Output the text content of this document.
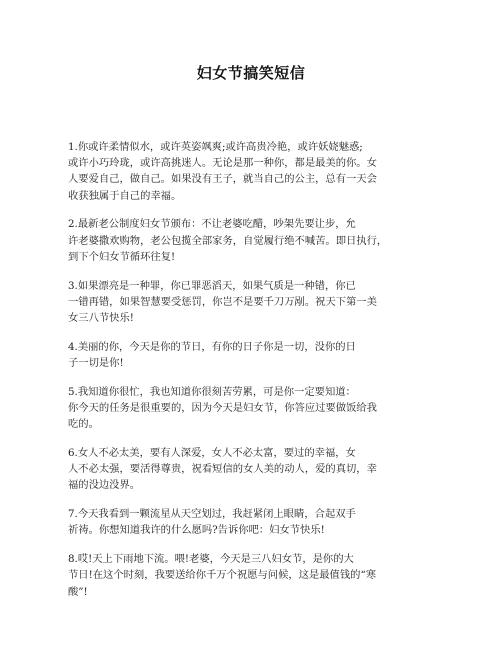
妇女节搞笑短信

1.你或许柔情似水，或许英姿飒爽;或许高贵冷艳，或许妖娆魅惑;
或许小巧玲珑，或许高挑迷人。无论是那一种你，都是最美的你。女
人要爱自己，做自己。如果没有王子，就当自己的公主，总有一天会
收获独属于自己的幸福。

2.最新老公制度妇女节颁布：不让老婆吃醋，吵架先要让步，允
许老婆撒欢购物，老公包揽全部家务，自觉履行绝不喊苦。即日执行，
到下个妇女节循环往复!

3.如果漂亮是一种罪，你已罪恶滔天，如果气质是一种错，你已
一错再错，如果智慧要受惩罚，你岂不是要千刀万剐。祝天下第一美
女三八节快乐!

4.美丽的你，今天是你的节日，有你的日子你是一切，没你的日
子一切是你!

5.我知道你很忙，我也知道你很刻苦劳累，可是你一定要知道：
你今天的任务是很重要的，因为今天是妇女节，你答应过要做饭给我
吃的。

6.女人不必太美，要有人深爱，女人不必太富，要过的幸福，女
人不必太强，要活得尊贵，祝看短信的女人美的动人，爱的真切，幸
福的没边没界。

7.今天我看到一颗流星从天空划过，我赶紧闭上眼睛，合起双手
祈祷。你想知道我许的什么愿吗?告诉你吧：妇女节快乐!

8.哎!天上下雨地下流。喂!老婆，今天是三八妇女节，是你的大
节日!在这个时刻，我要送给你千万个祝愿与问候，这是最值钱的“寒
酸”!
